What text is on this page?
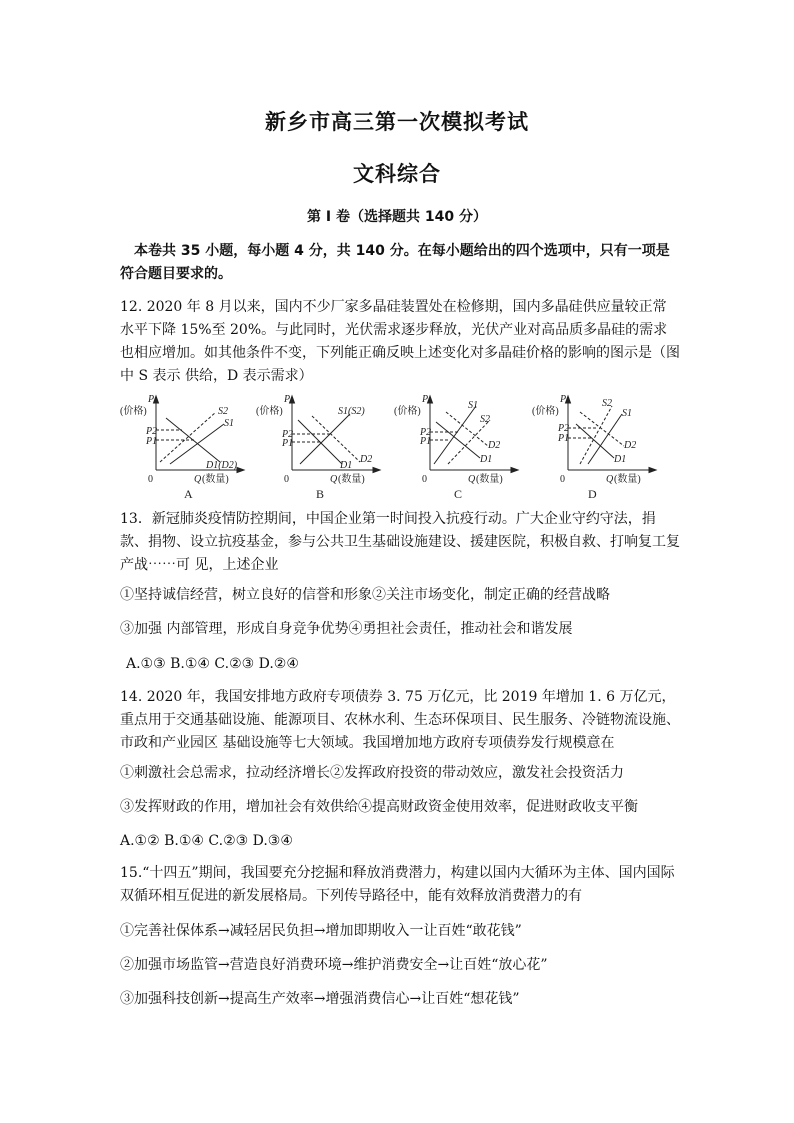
新乡市高三第一次模拟考试
文科综合
第 I 卷（选择题共 140 分）
本卷共 35 小题，每小题 4 分，共 140 分。在每小题给出的四个选项中，只有一项是符合题目要求的。
12. 2020 年 8 月以来，国内不少厂家多晶硅装置处在检修期，国内多晶硅供应量较正常水平下降 15%至 20%。与此同时，光伏需求逐步释放，光伏产业对高品质多晶硅的需求也相应增加。如其他条件不变，下列能正确反映上述变化对多晶硅价格的影响的图示是（图中 S 表示 供给，D 表示需求）
P
(价格)
P2
P1
0	Q (数量)
S2
S1
D1(D2)
A
P
(价格)
P2
P1
0	Q (数量)
S1(S2)
D2
D1
B
P
(价格)
P2
P1
0	Q (数量)
S1
S2
D2
D1
C
P
(价格)
P2
P1
0	Q (数量)
S2
S1
D2
D1
D
13．新冠肺炎疫情防控期间，中国企业第一时间投入抗疫行动。广大企业守约守法，捐款、捐物、设立抗疫基金，参与公共卫生基础设施建设、援建医院，积极自救、打响复工复产战⋯⋯可 见，上述企业
①坚持诚信经营，树立良好的信誉和形象②关注市场变化，制定正确的经营战略
③加强 内部管理，形成自身竞争优势④勇担社会责任，推动社会和谐发展
A.①③ B.①④ C.②③ D.②④
14. 2020 年，我国安排地方政府专项债券 3. 75 万亿元，比 2019 年增加 1. 6 万亿元，重点用于交通基础设施、能源项目、农林水利、生态环保项目、民生服务、冷链物流设施、市政和产业园区 基础设施等七大领域。我国增加地方政府专项债券发行规模意在
①刺激社会总需求，拉动经济增长②发挥政府投资的带动效应，激发社会投资活力
③发挥财政的作用，增加社会有效供给④提高财政资金使用效率，促进财政收支平衡
A.①② B.①④ C.②③ D.③④
15.“十四五”期间，我国要充分挖掘和释放消费潜力，构建以国内大循环为主体、国内国际双循环相互促进的新发展格局。下列传导路径中，能有效释放消费潜力的有
①完善社保体系→减轻居民负担→增加即期收入一让百姓“敢花钱”
②加强市场监管→营造良好消费环境→维护消费安全→让百姓“放心花”
③加强科技创新→提高生产效率→增强消费信心→让百姓“想花钱”
